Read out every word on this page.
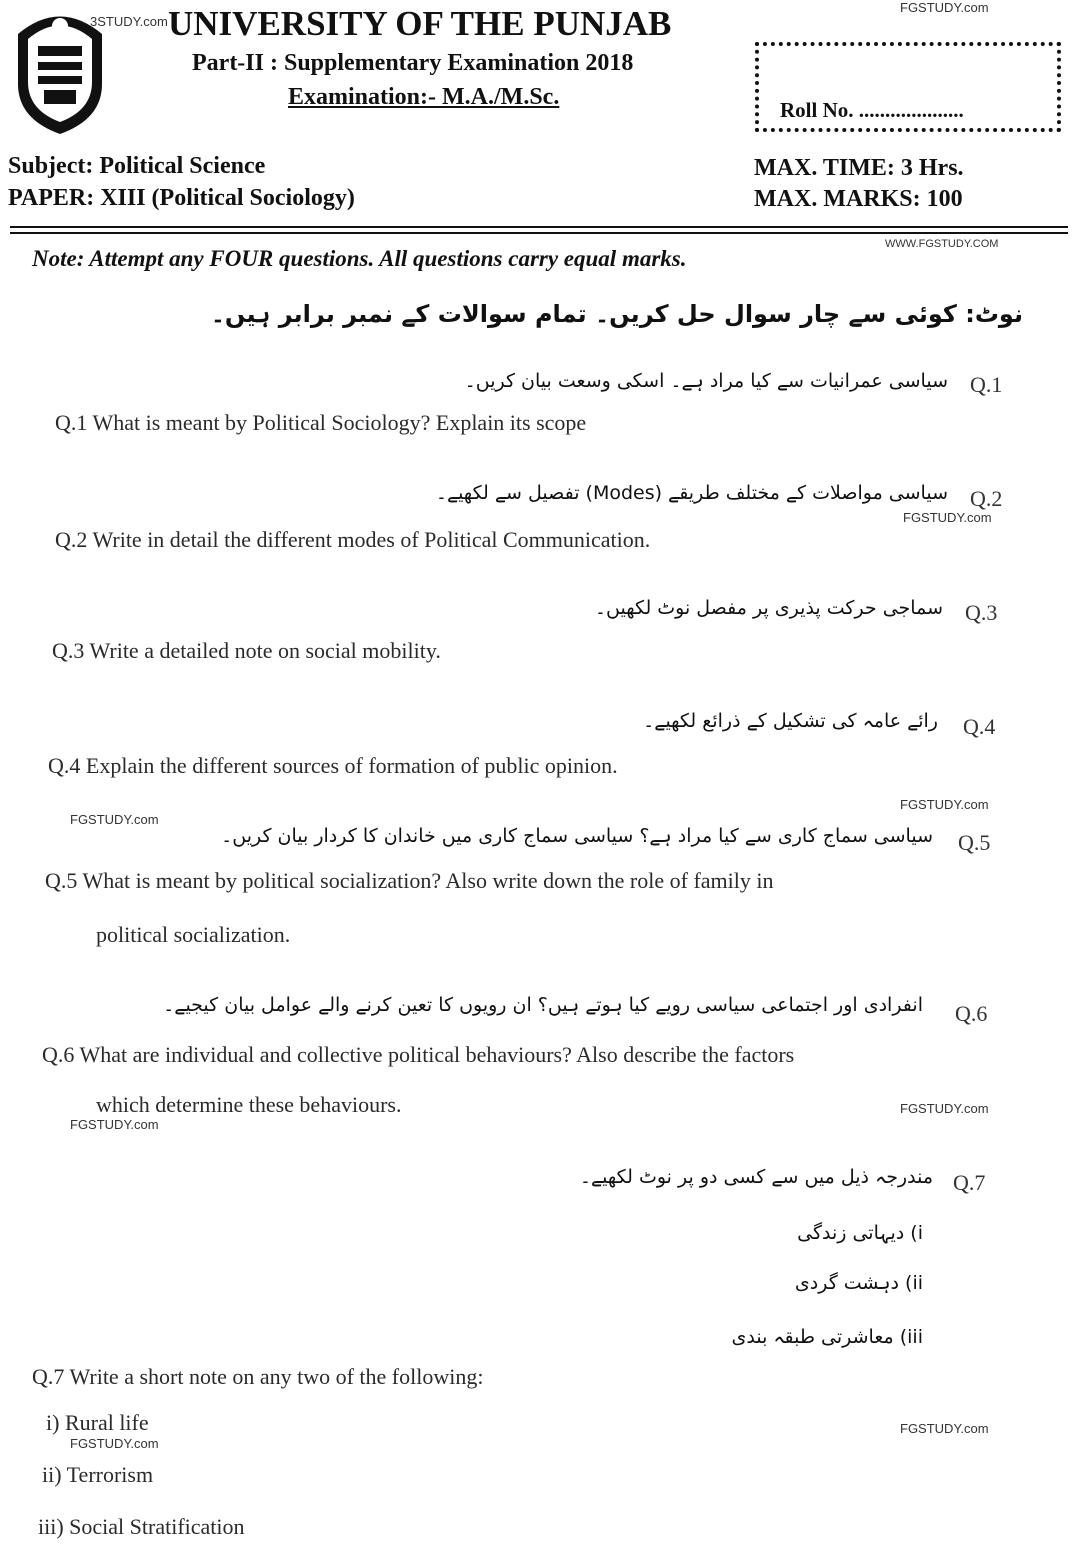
3STUDY.com UNIVERSITY OF THE PUNJAB
Part-II : Supplementary Examination 2018
Examination:- M.A./M.Sc.
FGSTUDY.com
Roll No. ....................
Subject: Political Science
PAPER: XIII (Political Sociology)
MAX. TIME: 3 Hrs.
MAX. MARKS: 100
WWW.FGSTUDY.COM
Note: Attempt any FOUR questions. All questions carry equal marks.
نوٹ: کوئی سے چار سوال حل کریں۔ تمام سوالات کے نمبر برابر ہیں۔
Q.1
سیاسی عمرانیات سے کیا مراد ہے۔ اسکی وسعت بیان کریں۔
Q.1 What is meant by Political Sociology? Explain its scope
Q.2
سیاسی مواصلات کے مختلف طریقے (Modes) تفصیل سے لکھیے۔
FGSTUDY.com
Q.2 Write in detail the different modes of Political Communication.
Q.3
سماجی حرکت پذیری پر مفصل نوٹ لکھیں۔
Q.3 Write a detailed note on social mobility.
Q.4
رائے عامہ کی تشکیل کے ذرائع لکھیے۔
Q.4 Explain the different sources of formation of public opinion.
FGSTUDY.com
FGSTUDY.com
Q.5
سیاسی سماج کاری سے کیا مراد ہے؟ سیاسی سماج کاری میں خاندان کا کردار بیان کریں۔
Q.5 What is meant by political socialization? Also write down the role of family in
political socialization.
Q.6
انفرادی اور اجتماعی سیاسی رویے کیا ہوتے ہیں؟ ان رویوں کا تعین کرنے والے عوامل بیان کیجیے۔
Q.6 What are individual and collective political behaviours? Also describe the factors
which determine these behaviours.	FGSTUDY.com
FGSTUDY.com
Q.7
مندرجہ ذیل میں سے کسی دو پر نوٹ لکھیے۔
i) دیہاتی زندگی
ii) دہشت گردی
iii) معاشرتی طبقہ بندی
Q.7 Write a short note on any two of the following:
i) Rural life	FGSTUDY.com
FGSTUDY.com
ii) Terrorism
iii) Social Stratification
